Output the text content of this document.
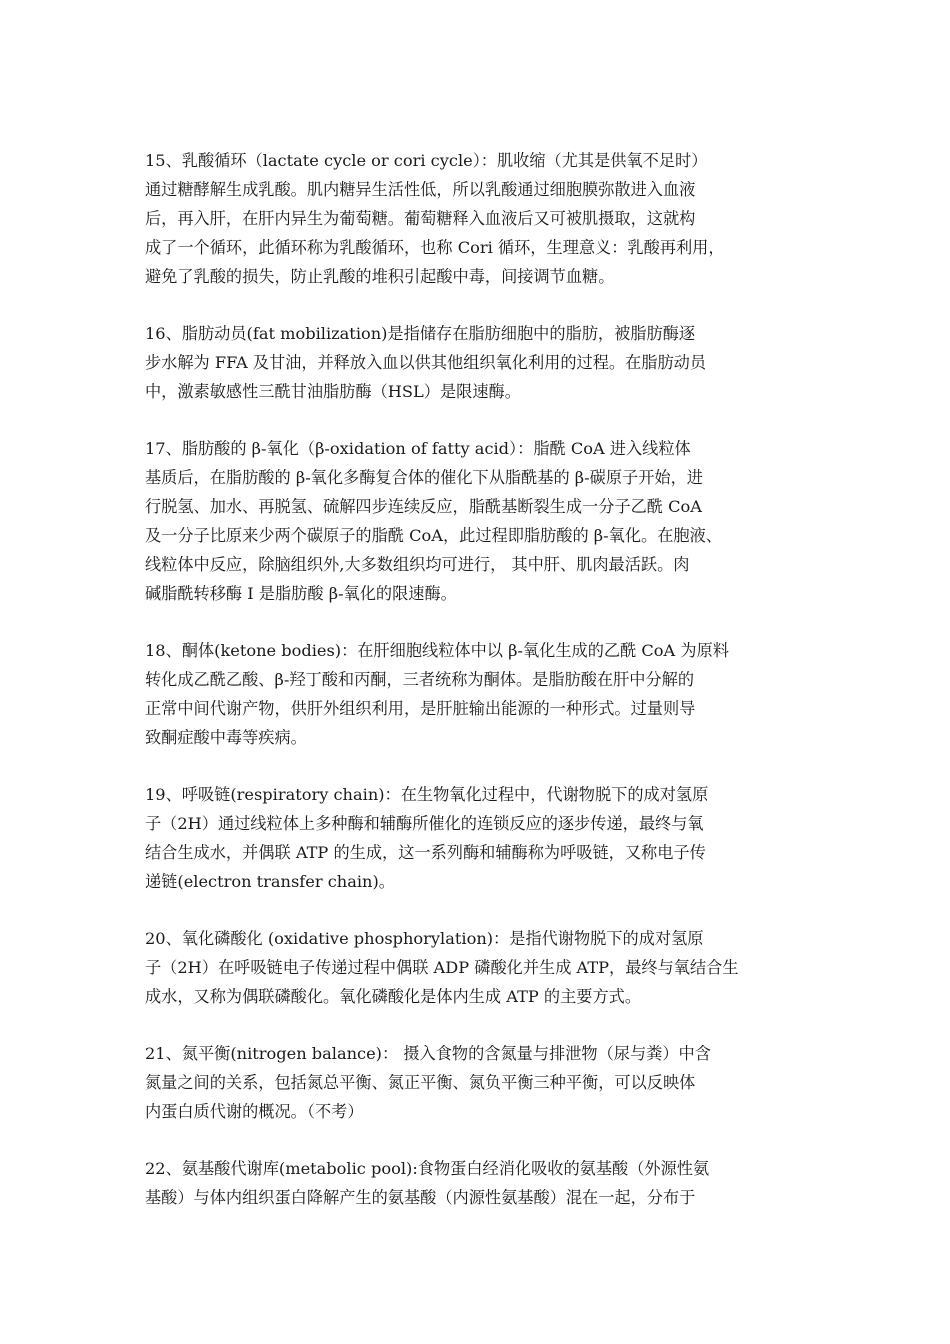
15、乳酸循环（lactate cycle or cori cycle）：肌收缩（尤其是供氧不足时）
通过糖酵解生成乳酸。肌内糖异生活性低，所以乳酸通过细胞膜弥散进入血液
后，再入肝，在肝内异生为葡萄糖。葡萄糖释入血液后又可被肌摄取，这就构
成了一个循环，此循环称为乳酸循环，也称 Cori 循环，生理意义：乳酸再利用，
避免了乳酸的损失，防止乳酸的堆积引起酸中毒，间接调节血糖。
16、脂肪动员(fat mobilization)是指储存在脂肪细胞中的脂肪，被脂肪酶逐
步水解为 FFA 及甘油，并释放入血以供其他组织氧化利用的过程。在脂肪动员
中，激素敏感性三酰甘油脂肪酶（HSL）是限速酶。
17、脂肪酸的 β-氧化（β-oxidation of fatty acid）：脂酰 CoA 进入线粒体
基质后，在脂肪酸的 β-氧化多酶复合体的催化下从脂酰基的 β-碳原子开始，进
行脱氢、加水、再脱氢、硫解四步连续反应，脂酰基断裂生成一分子乙酰 CoA
及一分子比原来少两个碳原子的脂酰 CoA，此过程即脂肪酸的 β-氧化。在胞液、
线粒体中反应，除脑组织外,大多数组织均可进行， 其中肝、肌肉最活跃。肉
碱脂酰转移酶 I 是脂肪酸 β-氧化的限速酶。
18、酮体(ketone bodies)：在肝细胞线粒体中以 β-氧化生成的乙酰 CoA 为原料
转化成乙酰乙酸、β-羟丁酸和丙酮，三者统称为酮体。是脂肪酸在肝中分解的
正常中间代谢产物，供肝外组织利用，是肝脏输出能源的一种形式。过量则导
致酮症酸中毒等疾病。
19、呼吸链(respiratory chain)：在生物氧化过程中，代谢物脱下的成对氢原
子（2H）通过线粒体上多种酶和辅酶所催化的连锁反应的逐步传递，最终与氧
结合生成水，并偶联 ATP 的生成，这一系列酶和辅酶称为呼吸链，又称电子传
递链(electron transfer chain)。
20、氧化磷酸化 (oxidative phosphorylation)：是指代谢物脱下的成对氢原
子（2H）在呼吸链电子传递过程中偶联 ADP 磷酸化并生成 ATP，最终与氧结合生
成水，又称为偶联磷酸化。氧化磷酸化是体内生成 ATP 的主要方式。
21、氮平衡(nitrogen balance)： 摄入食物的含氮量与排泄物（尿与粪）中含
氮量之间的关系，包括氮总平衡、氮正平衡、氮负平衡三种平衡，可以反映体
内蛋白质代谢的概况。（不考）
22、氨基酸代谢库(metabolic pool):食物蛋白经消化吸收的氨基酸（外源性氨
基酸）与体内组织蛋白降解产生的氨基酸（内源性氨基酸）混在一起，分布于
